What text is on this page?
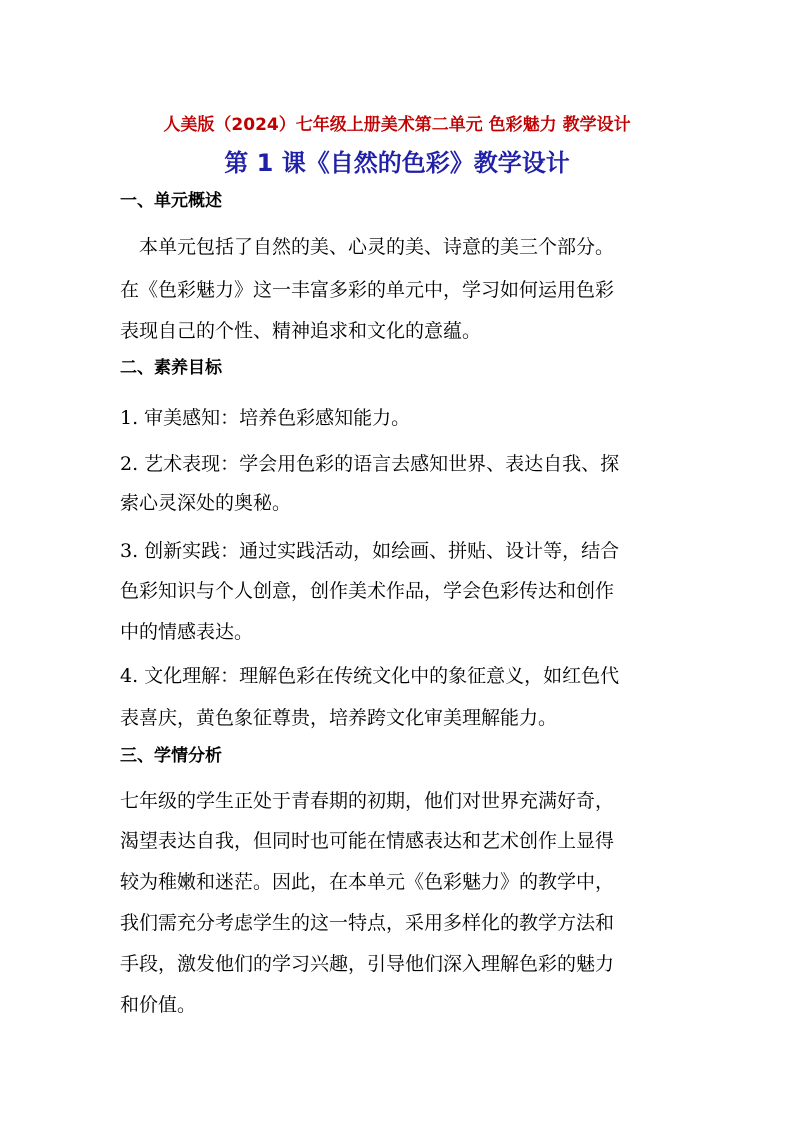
人美版（2024）七年级上册美术第二单元 色彩魅力 教学设计
第 1 课《自然的色彩》教学设计
一、单元概述
本单元包括了自然的美、心灵的美、诗意的美三个部分。
在《色彩魅力》这一丰富多彩的单元中，学习如何运用色彩
表现自己的个性、精神追求和文化的意蕴。
二、素养目标
1. 审美感知：培养色彩感知能力。
2. 艺术表现：学会用色彩的语言去感知世界、表达自我、探
索心灵深处的奥秘。
3. 创新实践：通过实践活动，如绘画、拼贴、设计等，结合
色彩知识与个人创意，创作美术作品，学会色彩传达和创作
中的情感表达。
4. 文化理解：理解色彩在传统文化中的象征意义，如红色代
表喜庆，黄色象征尊贵，培养跨文化审美理解能力。
三、学情分析
七年级的学生正处于青春期的初期，他们对世界充满好奇，
渴望表达自我，但同时也可能在情感表达和艺术创作上显得
较为稚嫩和迷茫。因此，在本单元《色彩魅力》的教学中，
我们需充分考虑学生的这一特点，采用多样化的教学方法和
手段，激发他们的学习兴趣，引导他们深入理解色彩的魅力
和价值。
